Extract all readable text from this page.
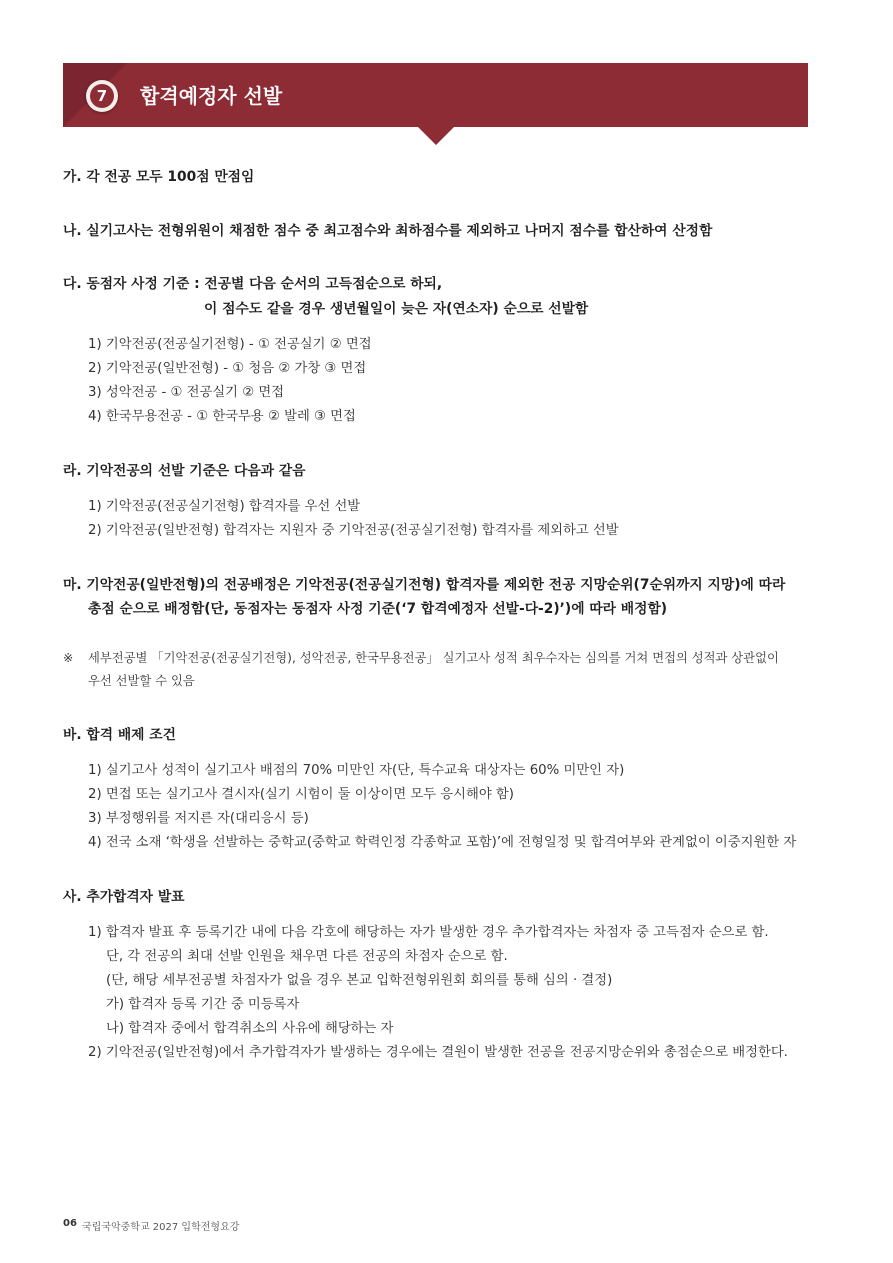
7	합격예정자 선발
가. 각 전공 모두 100점 만점임
나. 실기고사는 전형위원이 채점한 점수 중 최고점수와 최하점수를 제외하고 나머지 점수를 합산하여 산정함
다. 동점자 사정 기준 : 전공별 다음 순서의 고득점순으로 하되,
이 점수도 같을 경우 생년월일이 늦은 자(연소자) 순으로 선발함
1) 기악전공(전공실기전형) - ① 전공실기 ② 면접
2) 기악전공(일반전형) - ① 청음 ② 가창 ③ 면접
3) 성악전공 - ① 전공실기 ② 면접
4) 한국무용전공 - ① 한국무용 ② 발레 ③ 면접
라. 기악전공의 선발 기준은 다음과 같음
1) 기악전공(전공실기전형) 합격자를 우선 선발
2) 기악전공(일반전형) 합격자는 지원자 중 기악전공(전공실기전형) 합격자를 제외하고 선발
마. 기악전공(일반전형)의 전공배정은 기악전공(전공실기전형) 합격자를 제외한 전공 지망순위(7순위까지 지망)에 따라
총점 순으로 배정함(단, 동점자는 동점자 사정 기준(‘7 합격예정자 선발-다-2)’)에 따라 배정함)
※ 세부전공별 「기악전공(전공실기전형), 성악전공, 한국무용전공」 실기고사 성적 최우수자는 심의를 거쳐 면접의 성적과 상관없이
우선 선발할 수 있음
바. 합격 배제 조건
1) 실기고사 성적이 실기고사 배점의 70% 미만인 자(단, 특수교육 대상자는 60% 미만인 자)
2) 면접 또는 실기고사 결시자(실기 시험이 둘 이상이면 모두 응시해야 함)
3) 부정행위를 저지른 자(대리응시 등)
4) 전국 소재 ‘학생을 선발하는 중학교(중학교 학력인정 각종학교 포함)’에 전형일정 및 합격여부와 관계없이 이중지원한 자
사. 추가합격자 발표
1) 합격자 발표 후 등록기간 내에 다음 각호에 해당하는 자가 발생한 경우 추가합격자는 차점자 중 고득점자 순으로 함.
단, 각 전공의 최대 선발 인원을 채우면 다른 전공의 차점자 순으로 함.
(단, 해당 세부전공별 차점자가 없을 경우 본교 입학전형위원회 회의를 통해 심의 · 결정)
가) 합격자 등록 기간 중 미등록자
나) 합격자 중에서 합격취소의 사유에 해당하는 자
2) 기악전공(일반전형)에서 추가합격자가 발생하는 경우에는 결원이 발생한 전공을 전공지망순위와 총점순으로 배정한다.
06 국립국악중학교 2027 입학전형요강
